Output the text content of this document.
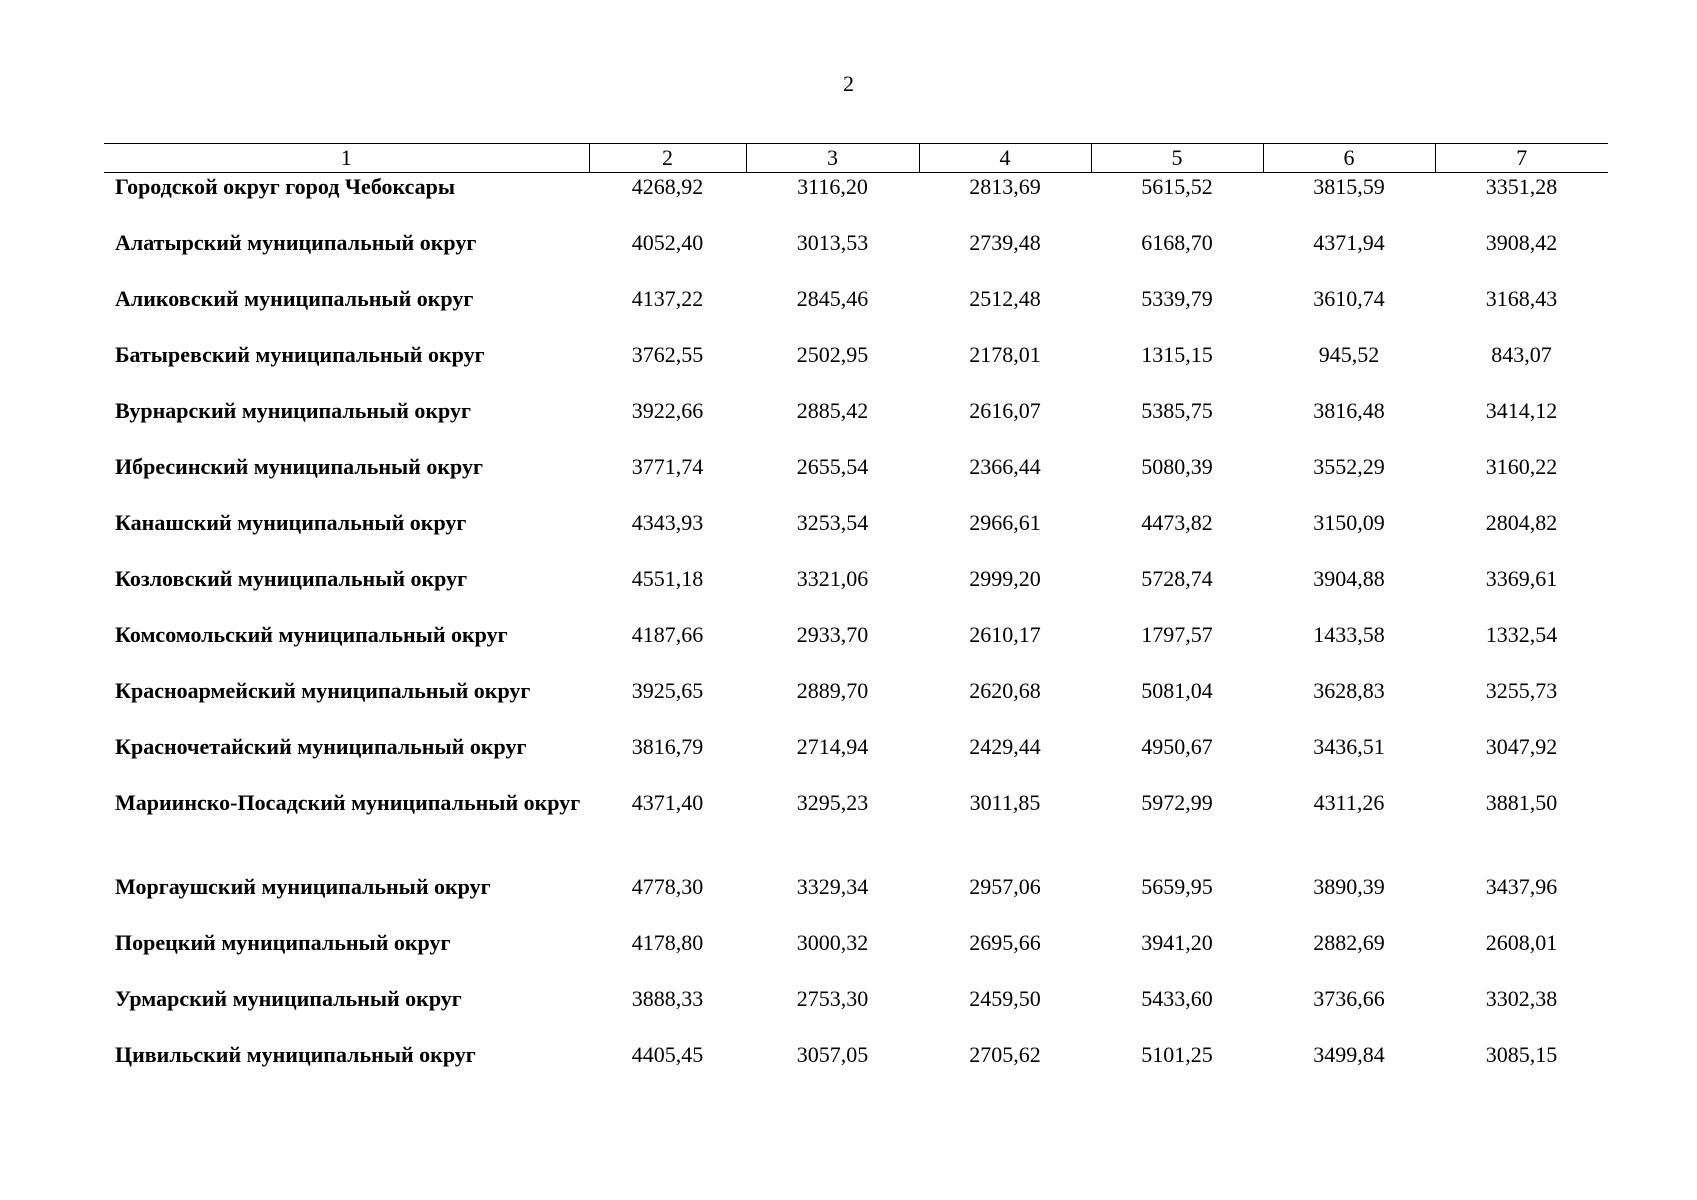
2
1	2	3	4	5	6	7
Городской округ город Чебоксары	4268,92	3116,20	2813,69	5615,52	3815,59	3351,28
Алатырский муниципальный округ	4052,40	3013,53	2739,48	6168,70	4371,94	3908,42
Аликовский муниципальный округ	4137,22	2845,46	2512,48	5339,79	3610,74	3168,43
Батыревский муниципальный округ	3762,55	2502,95	2178,01	1315,15	945,52	843,07
Вурнарский муниципальный округ	3922,66	2885,42	2616,07	5385,75	3816,48	3414,12
Ибресинский муниципальный округ	3771,74	2655,54	2366,44	5080,39	3552,29	3160,22
Канашский муниципальный округ	4343,93	3253,54	2966,61	4473,82	3150,09	2804,82
Козловский муниципальный округ	4551,18	3321,06	2999,20	5728,74	3904,88	3369,61
Комсомольский муниципальный округ	4187,66	2933,70	2610,17	1797,57	1433,58	1332,54
Красноармейский муниципальный округ	3925,65	2889,70	2620,68	5081,04	3628,83	3255,73
Красночетайский муниципальный округ	3816,79	2714,94	2429,44	4950,67	3436,51	3047,92
Мариинско-Посадский муниципальный округ	4371,40	3295,23	3011,85	5972,99	4311,26	3881,50
Моргаушский муниципальный округ	4778,30	3329,34	2957,06	5659,95	3890,39	3437,96
Порецкий муниципальный округ	4178,80	3000,32	2695,66	3941,20	2882,69	2608,01
Урмарский муниципальный округ	3888,33	2753,30	2459,50	5433,60	3736,66	3302,38
Цивильский муниципальный округ	4405,45	3057,05	2705,62	5101,25	3499,84	3085,15
